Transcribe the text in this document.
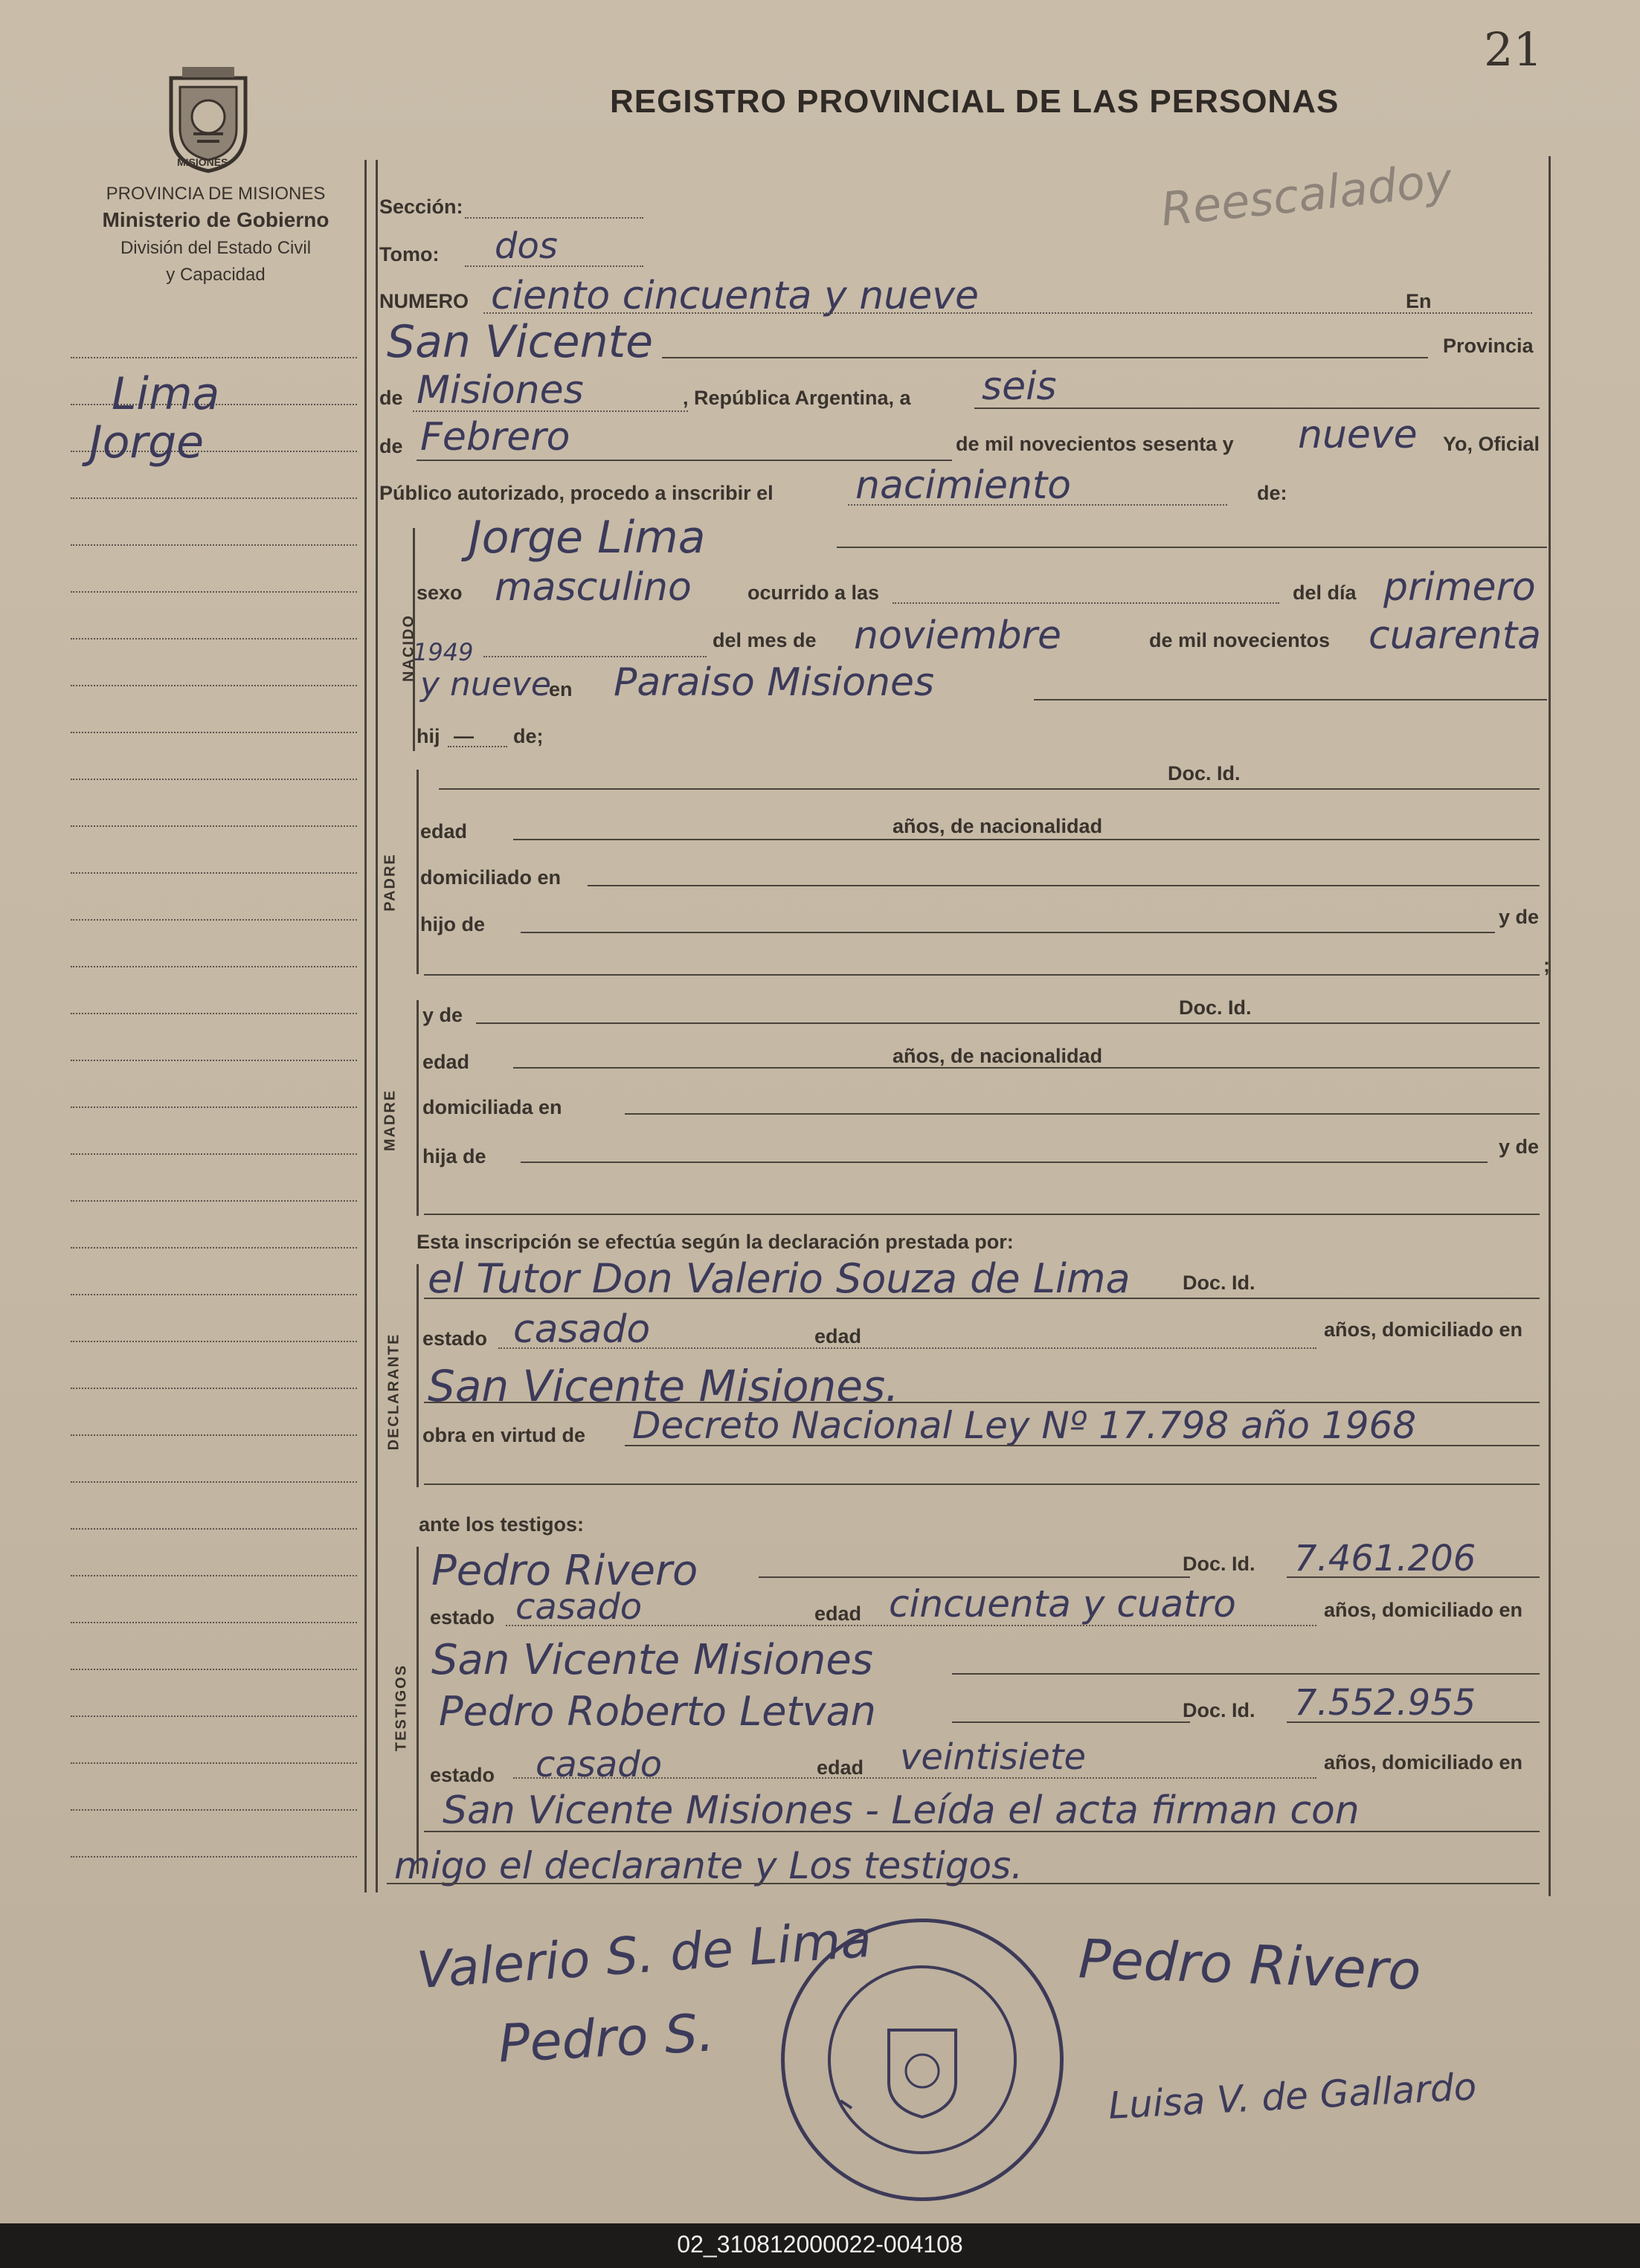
21
MISIONES
PROVINCIA DE MISIONES
Ministerio de Gobierno
División del Estado Civil
y Capacidad
REGISTRO PROVINCIAL DE LAS PERSONAS
Reescaladoy
Lima
Jorge
Sección:
Tomo: dos
NUMERO ciento cincuenta y nueve	En
San Vicente	Provincia
de Misiones	, República Argentina, a seis
de Febrero	de mil novecientos sesenta y nueve Yo, Oficial
Público autorizado, procedo a inscribir el nacimiento	de:
NACIDO
Jorge Lima
sexo masculino	ocurrido a las	del día primero
1949	del mes de noviembre	de mil novecientos cuarenta
y nueve
en Paraiso Misiones
hij — de;
PADRE
Doc. Id.
edad	años, de nacionalidad
domiciliado en
hijo de	y de
;
MADRE
y de	Doc. Id.
edad	años, de nacionalidad
domiciliada en
hija de	y de
Esta inscripción se efectúa según la declaración prestada por:
DECLARANTE
el Tutor Don Valerio Souza de Lima	Doc. Id.
estado casado	edad	años, domiciliado en
San Vicente Misiones.
obra en virtud de Decreto Nacional Ley Nº 17.798 año 1968
ante los testigos:
TESTIGOS
Pedro Rivero	Doc. Id. 7.461.206
estado casado	edad cincuenta y cuatro	años, domiciliado en
San Vicente Misiones
Pedro Roberto Letvan	Doc. Id. 7.552.955
estado casado	edad veintisiete	años, domiciliado en
San Vicente Misiones - Leída el acta firman con
migo el declarante y Los testigos.
Valerio S. de Lima
Pedro S.
Pedro Rivero
Luisa V. de Gallardo
02_310812000022-004108
